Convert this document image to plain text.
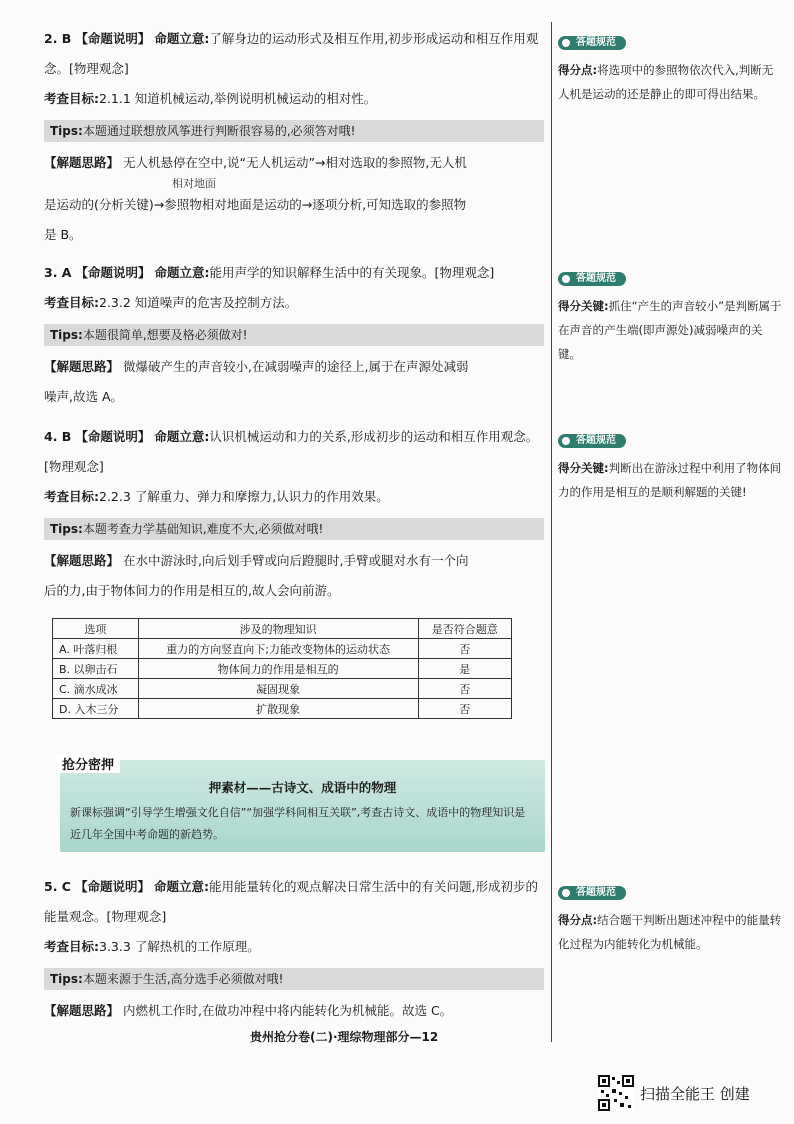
2. B 【命题说明】 命题立意:了解身边的运动形式及相互作用,初步形成运动和相互作用观念。[物理观念]
考查目标:2.1.1 知道机械运动,举例说明机械运动的相对性。
Tips:本题通过联想放风筝进行判断很容易的,必须答对哦!
【解题思路】 无人机悬停在空中,说“无人机运动”→相对选取的参照物,无人机
相对地面
是运动的(分析关键)→参照物相对地面是运动的→逐项分析,可知选取的参照物
是 B。
答题规范
得分点:将选项中的参照物依次代入,判断无人机是运动的还是静止的即可得出结果。
3. A 【命题说明】 命题立意:能用声学的知识解释生活中的有关现象。[物理观念]
考查目标:2.3.2 知道噪声的危害及控制方法。
Tips:本题很简单,想要及格必须做对!
【解题思路】 微爆破产生的声音较小,在减弱噪声的途径上,属于在声源处减弱
噪声,故选 A。
答题规范
得分关键:抓住“产生的声音较小”是判断属于在声音的产生端(即声源处)减弱噪声的关键。
4. B 【命题说明】 命题立意:认识机械运动和力的关系,形成初步的运动和相互作用观念。[物理观念]
考查目标:2.2.3 了解重力、弹力和摩擦力,认识力的作用效果。
Tips:本题考查力学基础知识,难度不大,必须做对哦!
【解题思路】 在水中游泳时,向后划手臂或向后蹬腿时,手臂或腿对水有一个向
后的力,由于物体间力的作用是相互的,故人会向前游。
答题规范
得分关键:判断出在游泳过程中利用了物体间力的作用是相互的是顺利解题的关键!
选项	涉及的物理知识	是否符合题意
A. 叶落归根	重力的方向竖直向下;力能改变物体的运动状态	否
B. 以卵击石	物体间力的作用是相互的	是
C. 滴水成冰	凝固现象	否
D. 入木三分	扩散现象	否
抢分密押
押素材——古诗文、成语中的物理
新课标强调“引导学生增强文化自信”“加强学科间相互关联”,考查古诗文、成语中的物理知识是近几年全国中考命题的新趋势。
5. C 【命题说明】 命题立意:能用能量转化的观点解决日常生活中的有关问题,形成初步的能量观念。[物理观念]
考查目标:3.3.3 了解热机的工作原理。
Tips:本题来源于生活,高分选手必须做对哦!
【解题思路】 内燃机工作时,在做功冲程中将内能转化为机械能。故选 C。
答题规范
得分点:结合题干判断出题述冲程中的能量转化过程为内能转化为机械能。
贵州抢分卷(二)·理综物理部分—12
扫描全能王 创建
